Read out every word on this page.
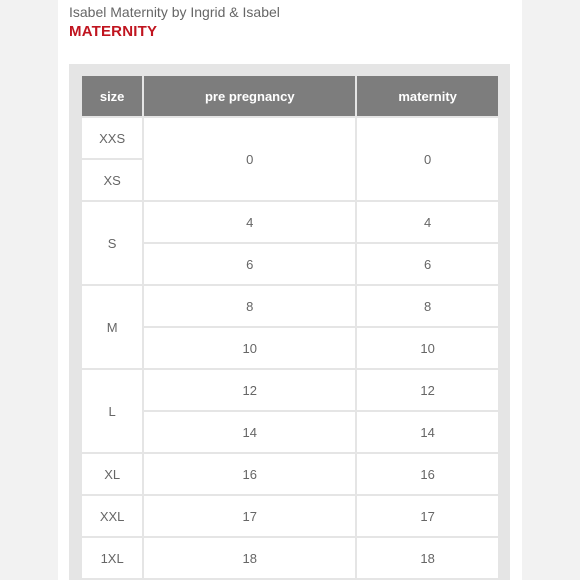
Isabel Maternity by Ingrid & Isabel
MATERNITY
size	pre pregnancy	maternity
XXS	0	0
XS		
S	4	4
	6	6
M	8	8
	10	10
L	12	12
	14	14
XL	16	16
XXL	17	17
1XL	18	18
